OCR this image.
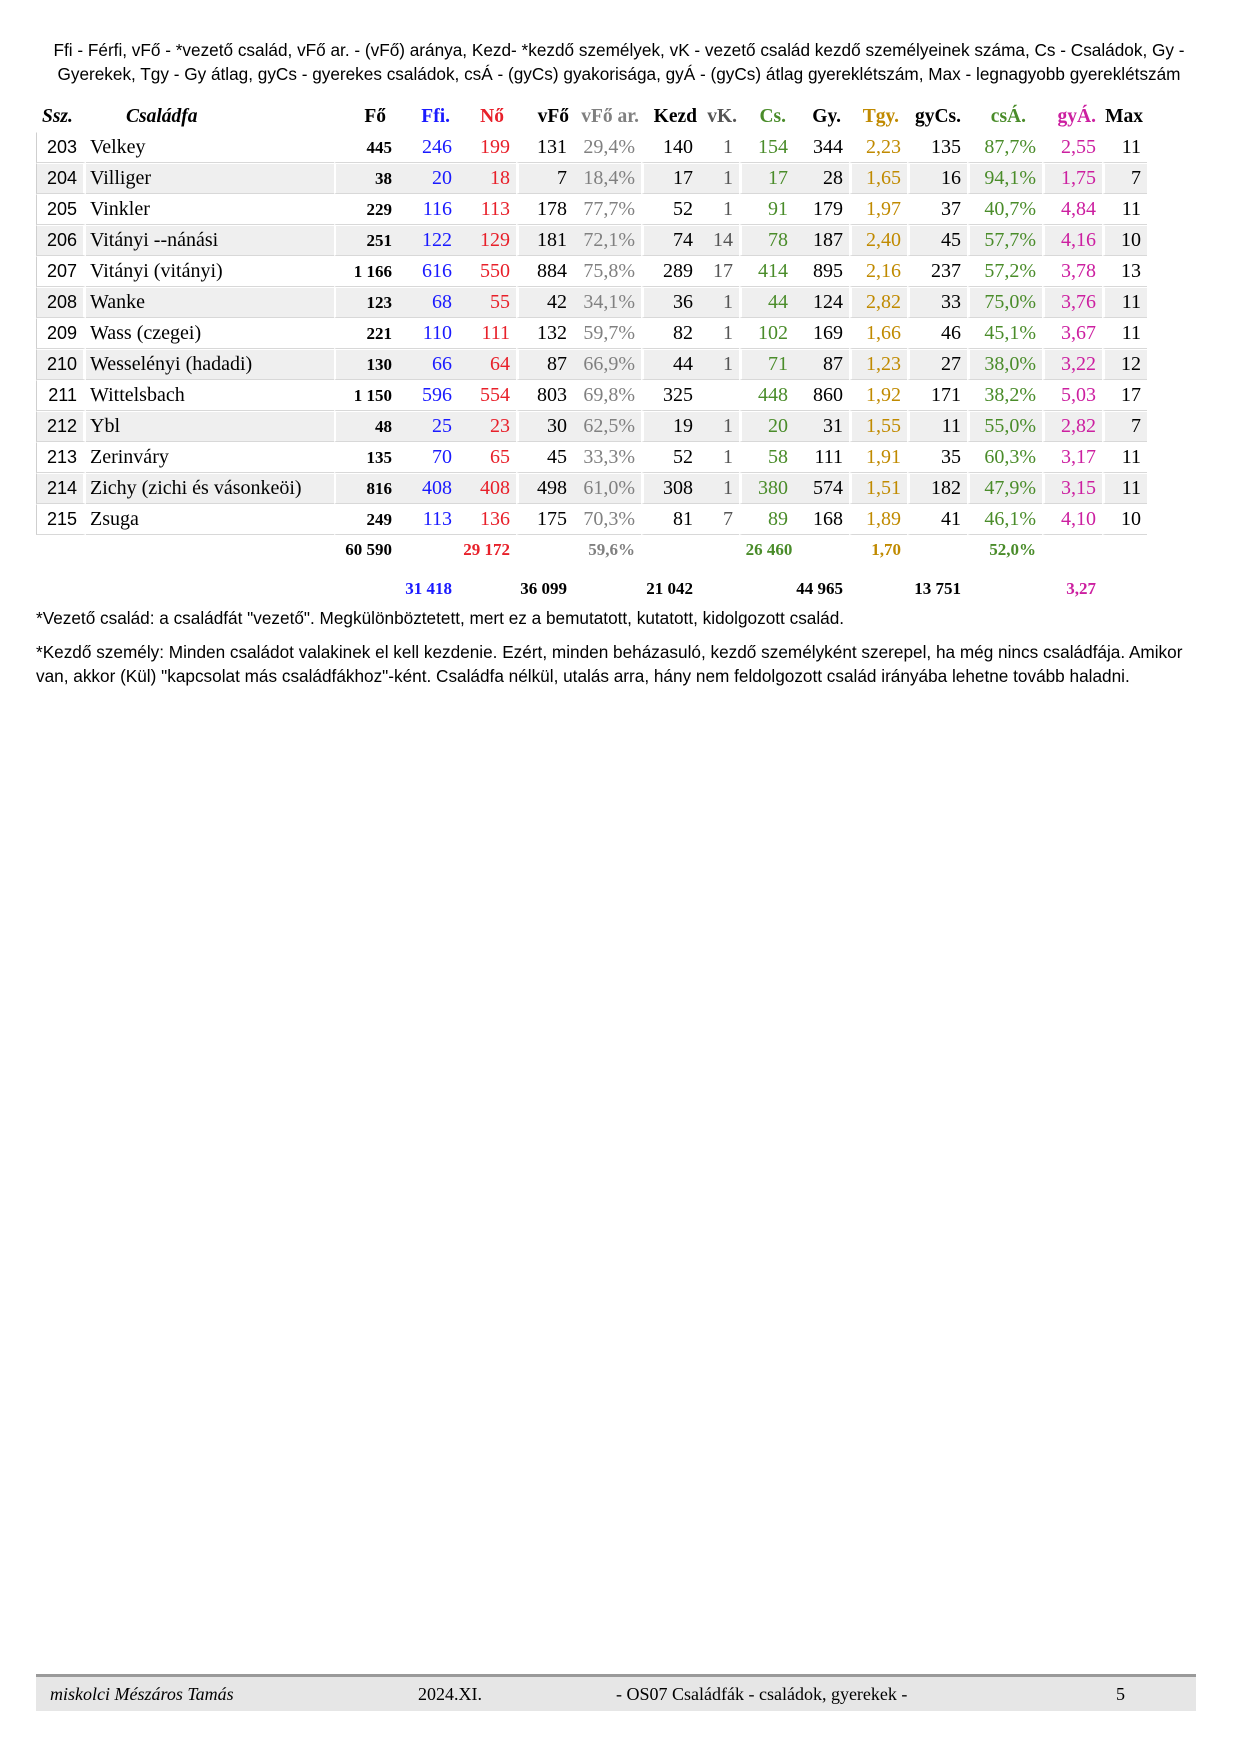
Ffi - Férfi, vFő - *vezető család, vFő ar. - (vFő) aránya, Kezd- *kezdő személyek, vK - vezető család kezdő személyeinek száma, Cs - Családok, Gy -
Gyerekek, Tgy - Gy átlag, gyCs - gyerekes családok, csÁ - (gyCs) gyakorisága, gyÁ - (gyCs) átlag gyereklétszám, Max - legnagyobb gyereklétszám
Ssz.	Családfa	Fő	Ffi.	Nő	vFő	vFő ar.	Kezd	vK.	Cs.	Gy.	Tgy.	gyCs.	csÁ.	gyÁ.	Max
203	Velkey	445	246	199	131	29,4%	140	1	154	344	2,23	135	87,7%	2,55	11
204	Villiger	38	20	18	7	18,4%	17	1	17	28	1,65	16	94,1%	1,75	7
205	Vinkler	229	116	113	178	77,7%	52	1	91	179	1,97	37	40,7%	4,84	11
206	Vitányi --nánási	251	122	129	181	72,1%	74	14	78	187	2,40	45	57,7%	4,16	10
207	Vitányi (vitányi)	1 166	616	550	884	75,8%	289	17	414	895	2,16	237	57,2%	3,78	13
208	Wanke	123	68	55	42	34,1%	36	1	44	124	2,82	33	75,0%	3,76	11
209	Wass (czegei)	221	110	111	132	59,7%	82	1	102	169	1,66	46	45,1%	3,67	11
210	Wesselényi (hadadi)	130	66	64	87	66,9%	44	1	71	87	1,23	27	38,0%	3,22	12
211	Wittelsbach	1 150	596	554	803	69,8%	325		448	860	1,92	171	38,2%	5,03	17
212	Ybl	48	25	23	30	62,5%	19	1	20	31	1,55	11	55,0%	2,82	7
213	Zerinváry	135	70	65	45	33,3%	52	1	58	111	1,91	35	60,3%	3,17	11
214	Zichy (zichi és vásonkeöi)	816	408	408	498	61,0%	308	1	380	574	1,51	182	47,9%	3,15	11
215	Zsuga	249	113	136	175	70,3%	81	7	89	168	1,89	41	46,1%	4,10	10
		60 590		29 172		59,6%			26 460		1,70		52,0%		
			31 418		36 099		21 042			44 965		13 751		3,27	

*Vezető család: a családfát "vezető". Megkülönböztetett, mert ez a bemutatott, kutatott, kidolgozott család.

*Kezdő személy: Minden családot valakinek el kell kezdenie. Ezért, minden beházasuló, kezdő személyként szerepel, ha még nincs családfája. Amikor van, akkor (Kül) "kapcsolat más családfákhoz"-ként. Családfa nélkül, utalás arra, hány nem feldolgozott család irányába lehetne tovább haladni.

miskolci Mészáros Tamás	2024.XI.	- OS07 Családfák - családok, gyerekek -	5
